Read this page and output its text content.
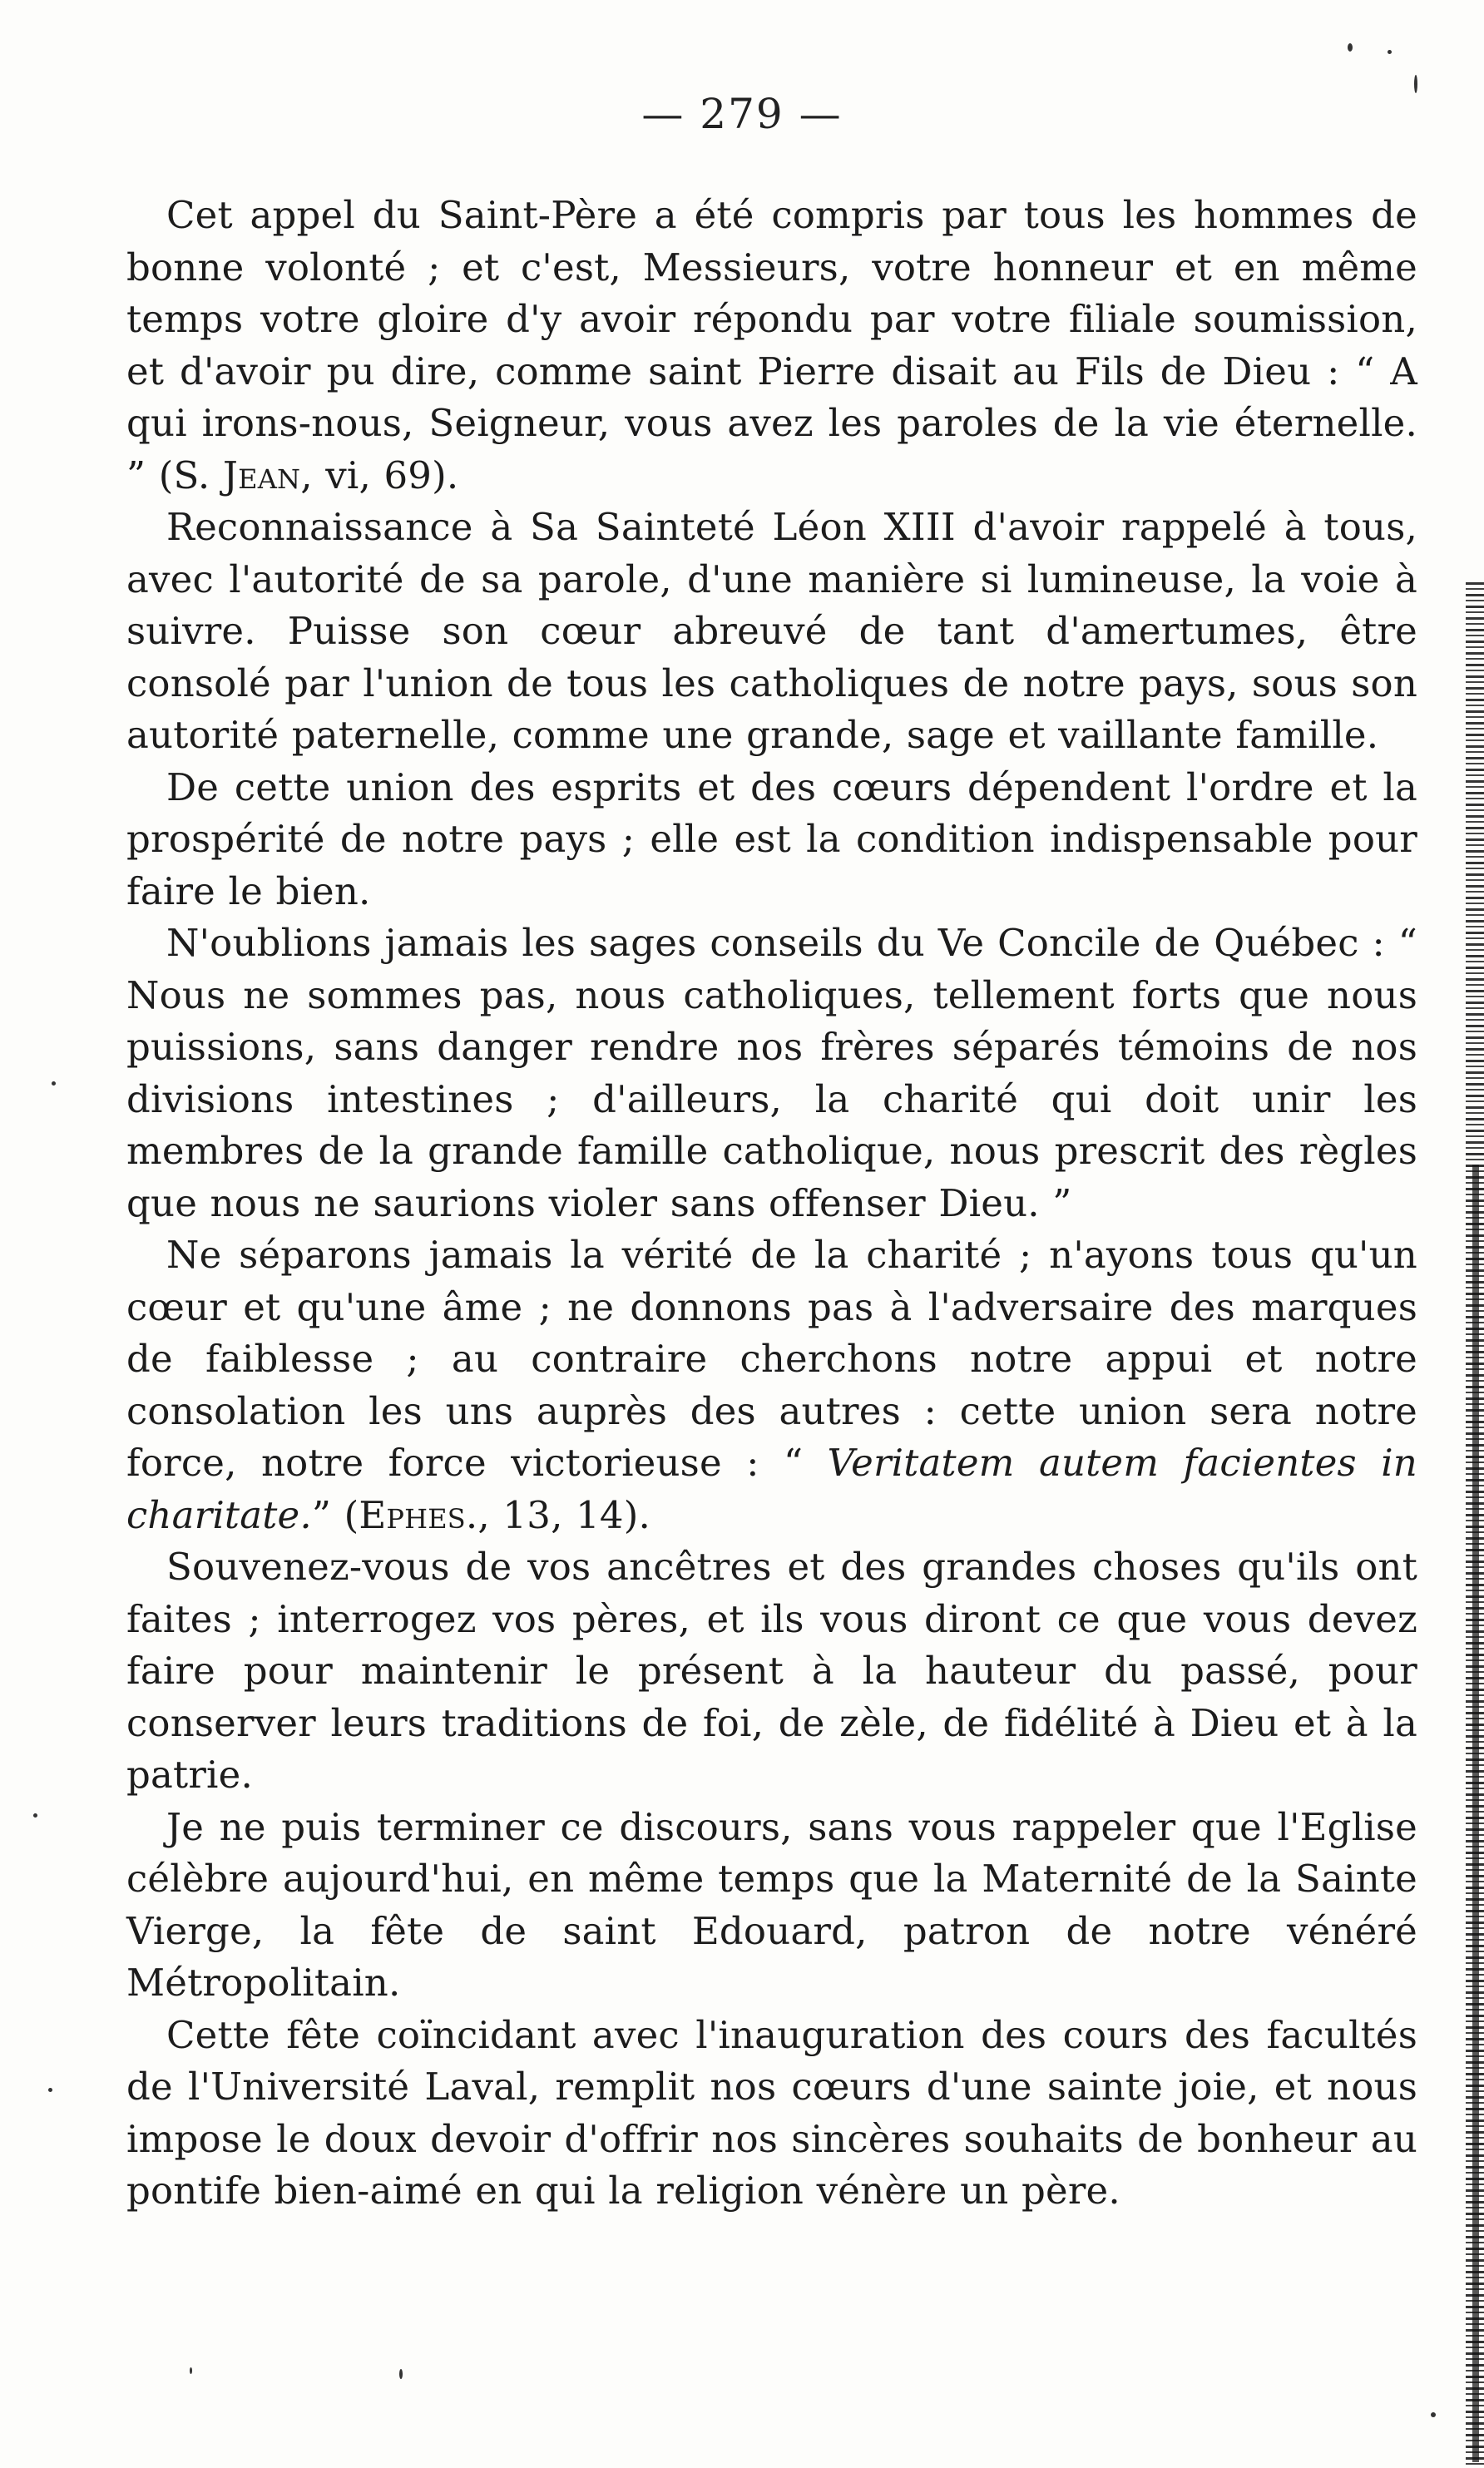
— 279 —

Cet appel du Saint-Père a été compris par tous les hommes de bonne volonté ; et c'est, Messieurs, votre honneur et en même temps votre gloire d'y avoir répondu par votre filiale soumission, et d'avoir pu dire, comme saint Pierre disait au Fils de Dieu : “ A qui irons-nous, Seigneur, vous avez les paroles de la vie éternelle. ” (S. Jean, vi, 69).

Reconnaissance à Sa Sainteté Léon XIII d'avoir rappelé à tous, avec l'autorité de sa parole, d'une manière si lumineuse, la voie à suivre. Puisse son cœur abreuvé de tant d'amertumes, être consolé par l'union de tous les catholiques de notre pays, sous son autorité paternelle, comme une grande, sage et vaillante famille.

De cette union des esprits et des cœurs dépendent l'ordre et la prospérité de notre pays ; elle est la condition indispensable pour faire le bien.

N'oublions jamais les sages conseils du Ve Concile de Québec : “ Nous ne sommes pas, nous catholiques, tellement forts que nous puissions, sans danger rendre nos frères séparés témoins de nos divisions intestines ; d'ailleurs, la charité qui doit unir les membres de la grande famille catholique, nous prescrit des règles que nous ne saurions violer sans offenser Dieu. ”

Ne séparons jamais la vérité de la charité ; n'ayons tous qu'un cœur et qu'une âme ; ne donnons pas à l'adversaire des marques de faiblesse ; au contraire cherchons notre appui et notre consolation les uns auprès des autres : cette union sera notre force, notre force victorieuse : “ Veritatem autem facientes in charitate.” (Ephes., 13, 14).

Souvenez-vous de vos ancêtres et des grandes choses qu'ils ont faites ; interrogez vos pères, et ils vous diront ce que vous devez faire pour maintenir le présent à la hauteur du passé, pour conserver leurs traditions de foi, de zèle, de fidélité à Dieu et à la patrie.

Je ne puis terminer ce discours, sans vous rappeler que l'Eglise célèbre aujourd'hui, en même temps que la Maternité de la Sainte Vierge, la fête de saint Edouard, patron de notre vénéré Métropolitain.

Cette fête coïncidant avec l'inauguration des cours des facultés de l'Université Laval, remplit nos cœurs d'une sainte joie, et nous impose le doux devoir d'offrir nos sincères souhaits de bonheur au pontife bien-aimé en qui la religion vénère un père.
